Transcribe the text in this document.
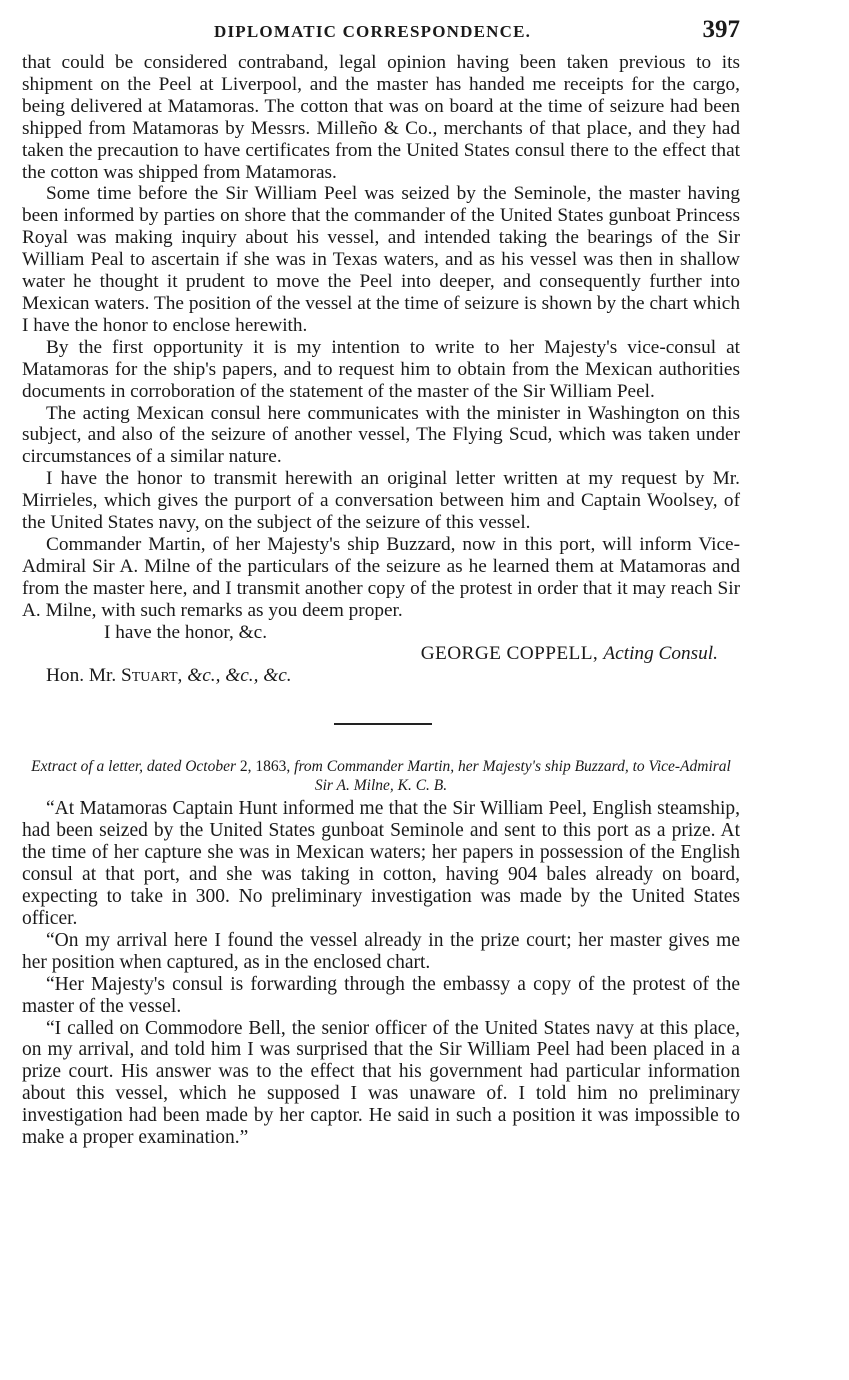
DIPLOMATIC CORRESPONDENCE.	397

that could be considered contraband, legal opinion having been taken previous to its shipment on the Peel at Liverpool, and the master has handed me receipts for the cargo, being delivered at Matamoras. The cotton that was on board at the time of seizure had been shipped from Matamoras by Messrs. Milleño & Co., merchants of that place, and they had taken the precaution to have certificates from the United States consul there to the effect that the cotton was shipped from Matamoras.

Some time before the Sir William Peel was seized by the Seminole, the master having been informed by parties on shore that the commander of the United States gunboat Princess Royal was making inquiry about his vessel, and intended taking the bearings of the Sir William Peal to ascertain if she was in Texas waters, and as his vessel was then in shallow water he thought it prudent to move the Peel into deeper, and consequently further into Mexican waters. The position of the vessel at the time of seizure is shown by the chart which I have the honor to enclose herewith.

By the first opportunity it is my intention to write to her Majesty's vice-consul at Matamoras for the ship's papers, and to request him to obtain from the Mexican authorities documents in corroboration of the statement of the master of the Sir William Peel.

The acting Mexican consul here communicates with the minister in Washington on this subject, and also of the seizure of another vessel, The Flying Scud, which was taken under circumstances of a similar nature.

I have the honor to transmit herewith an original letter written at my request by Mr. Mirrieles, which gives the purport of a conversation between him and Captain Woolsey, of the United States navy, on the subject of the seizure of this vessel.

Commander Martin, of her Majesty's ship Buzzard, now in this port, will inform Vice-Admiral Sir A. Milne of the particulars of the seizure as he learned them at Matamoras and from the master here, and I transmit another copy of the protest in order that it may reach Sir A. Milne, with such remarks as you deem proper.

I have the honor, &c.

GEORGE COPPELL, Acting Consul.

Hon. Mr. Stuart, &c., &c., &c.

Extract of a letter, dated October 2, 1863, from Commander Martin, her Majesty's ship Buzzard, to Vice-Admiral Sir A. Milne, K. C. B.

“At Matamoras Captain Hunt informed me that the Sir William Peel, English steamship, had been seized by the United States gunboat Seminole and sent to this port as a prize. At the time of her capture she was in Mexican waters; her papers in possession of the English consul at that port, and she was taking in cotton, having 904 bales already on board, expecting to take in 300. No preliminary investigation was made by the United States officer.

“On my arrival here I found the vessel already in the prize court; her master gives me her position when captured, as in the enclosed chart.

“Her Majesty's consul is forwarding through the embassy a copy of the protest of the master of the vessel.

“I called on Commodore Bell, the senior officer of the United States navy at this place, on my arrival, and told him I was surprised that the Sir William Peel had been placed in a prize court. His answer was to the effect that his government had particular information about this vessel, which he supposed I was unaware of. I told him no preliminary investigation had been made by her captor. He said in such a position it was impossible to make a proper examination.”
